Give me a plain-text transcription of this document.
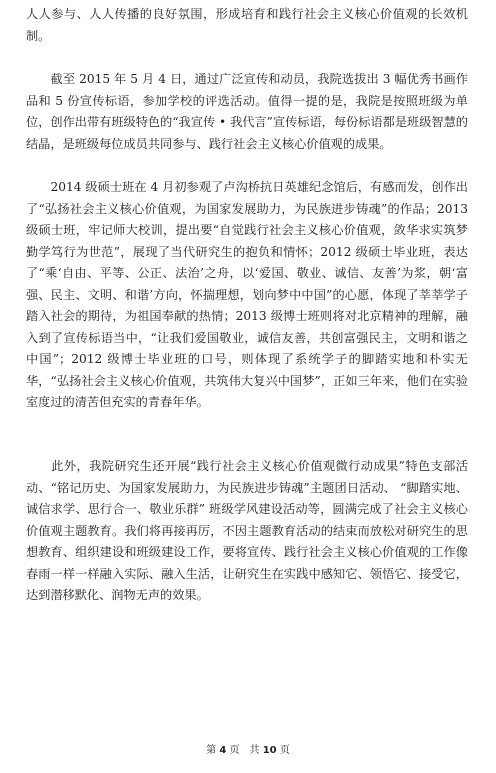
人人参与、人人传播的良好氛围，形成培育和践行社会主义核心价值观的长效机制。

　　截至 2015 年 5 月 4 日，通过广泛宣传和动员，我院选拔出 3 幅优秀书画作品和 5 份宣传标语，参加学校的评选活动。值得一提的是，我院是按照班级为单位，创作出带有班级特色的“我宣传 • 我代言”宣传标语，每份标语都是班级智慧的结晶，是班级每位成员共同参与、践行社会主义核心价值观的成果。

　　2014 级硕士班在 4 月初参观了卢沟桥抗日英雄纪念馆后，有感而发，创作出了“弘扬社会主义核心价值观，为国家发展助力，为民族进步铸魂”的作品；2013 级硕士班，牢记师大校训，提出要“自觉践行社会主义核心价值观，敛华求实筑梦勤学笃行为世范”，展现了当代研究生的抱负和情怀；2012 级硕士毕业班，表达了“乘‘自由、平等、公正、法治’之舟，以‘爱国、敬业、诚信、友善’为浆，朝‘富强、民主、文明、和谐’方向，怀揣理想，划向梦中中国”的心愿，体现了莘莘学子踏入社会的期待，为祖国奉献的热情；2013 级博士班则将对北京精神的理解，融入到了宣传标语当中，“让我们爱国敬业，诚信友善，共创富强民主，文明和谐之中国”；2012 级博士毕业班的口号，则体现了系统学子的脚踏实地和朴实无华，“弘扬社会主义核心价值观，共筑伟大复兴中国梦”，正如三年来，他们在实验室度过的清苦但充实的青春年华。

　　此外，我院研究生还开展“践行社会主义核心价值观微行动成果”特色支部活动、“铭记历史、为国家发展助力，为民族进步铸魂”主题团日活动、 “脚踏实地、诚信求学、思行合一、敬业乐群” 班级学风建设活动等，圆满完成了社会主义核心价值观主题教育。我们将再接再厉，不因主题教育活动的结束而放松对研究生的思想教育、组织建设和班级建设工作，要将宣传、践行社会主义核心价值观的工作像春雨一样一样融入实际、融入生活，让研究生在实践中感知它、领悟它、接受它，达到潜移默化、润物无声的效果。

第 4 页　共 10 页
